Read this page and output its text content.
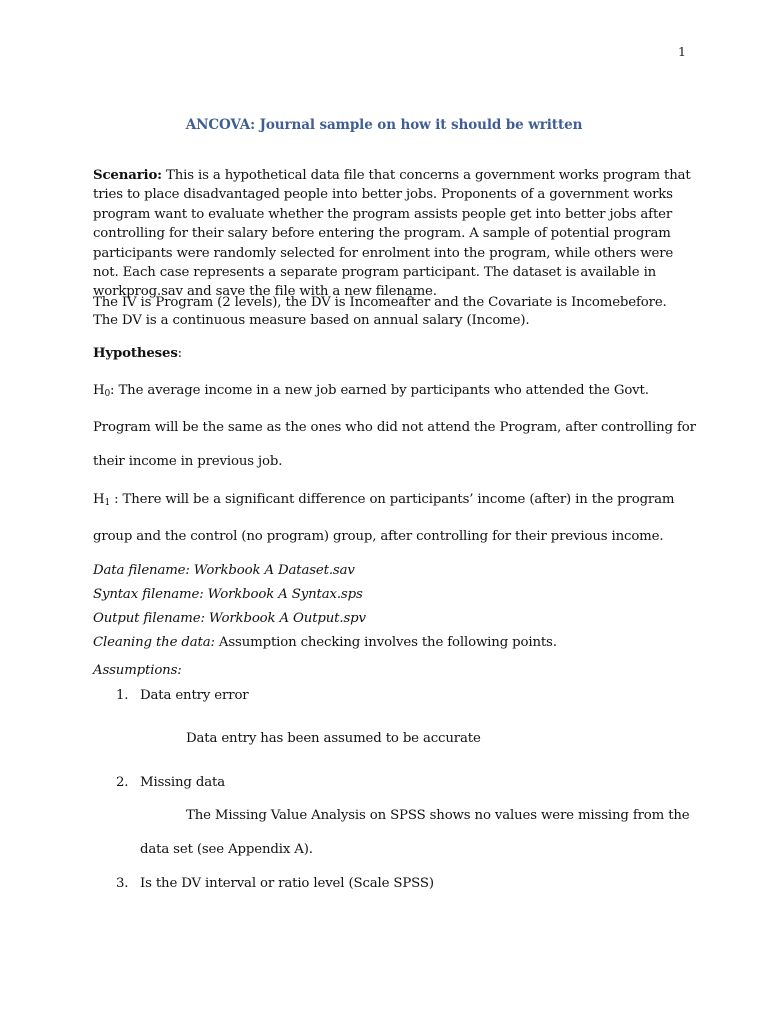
1
ANCOVA: Journal sample on how it should be written
Scenario: This is a hypothetical data file that concerns a government works program that tries to place disadvantaged people into better jobs. Proponents of a government works program want to evaluate whether the program assists people get into better jobs after controlling for their salary before entering the program. A sample of potential program participants were randomly selected for enrolment into the program, while others were not. Each case represents a separate program participant. The dataset is available in workprog.sav and save the file with a new filename.
The IV is Program (2 levels), the DV is Incomeafter and the Covariate is Incomebefore.
The DV is a continuous measure based on annual salary (Income).
Hypotheses:
$H_0$: The average income in a new job earned by participants who attended the Govt. Program will be the same as the ones who did not attend the Program, after controlling for their income in previous job.
$H_1$ : There will be a significant difference on participants’ income (after) in the program group and the control (no program) group, after controlling for their previous income.
Data filename: Workbook A Dataset.sav
Syntax filename: Workbook A Syntax.sps
Output filename: Workbook A Output.spv
Cleaning the data: Assumption checking involves the following points.
Assumptions:
1. Data entry error
Data entry has been assumed to be accurate
2. Missing data
The Missing Value Analysis on SPSS shows no values were missing from the
data set (see Appendix A).
3. Is the DV interval or ratio level (Scale SPSS)
